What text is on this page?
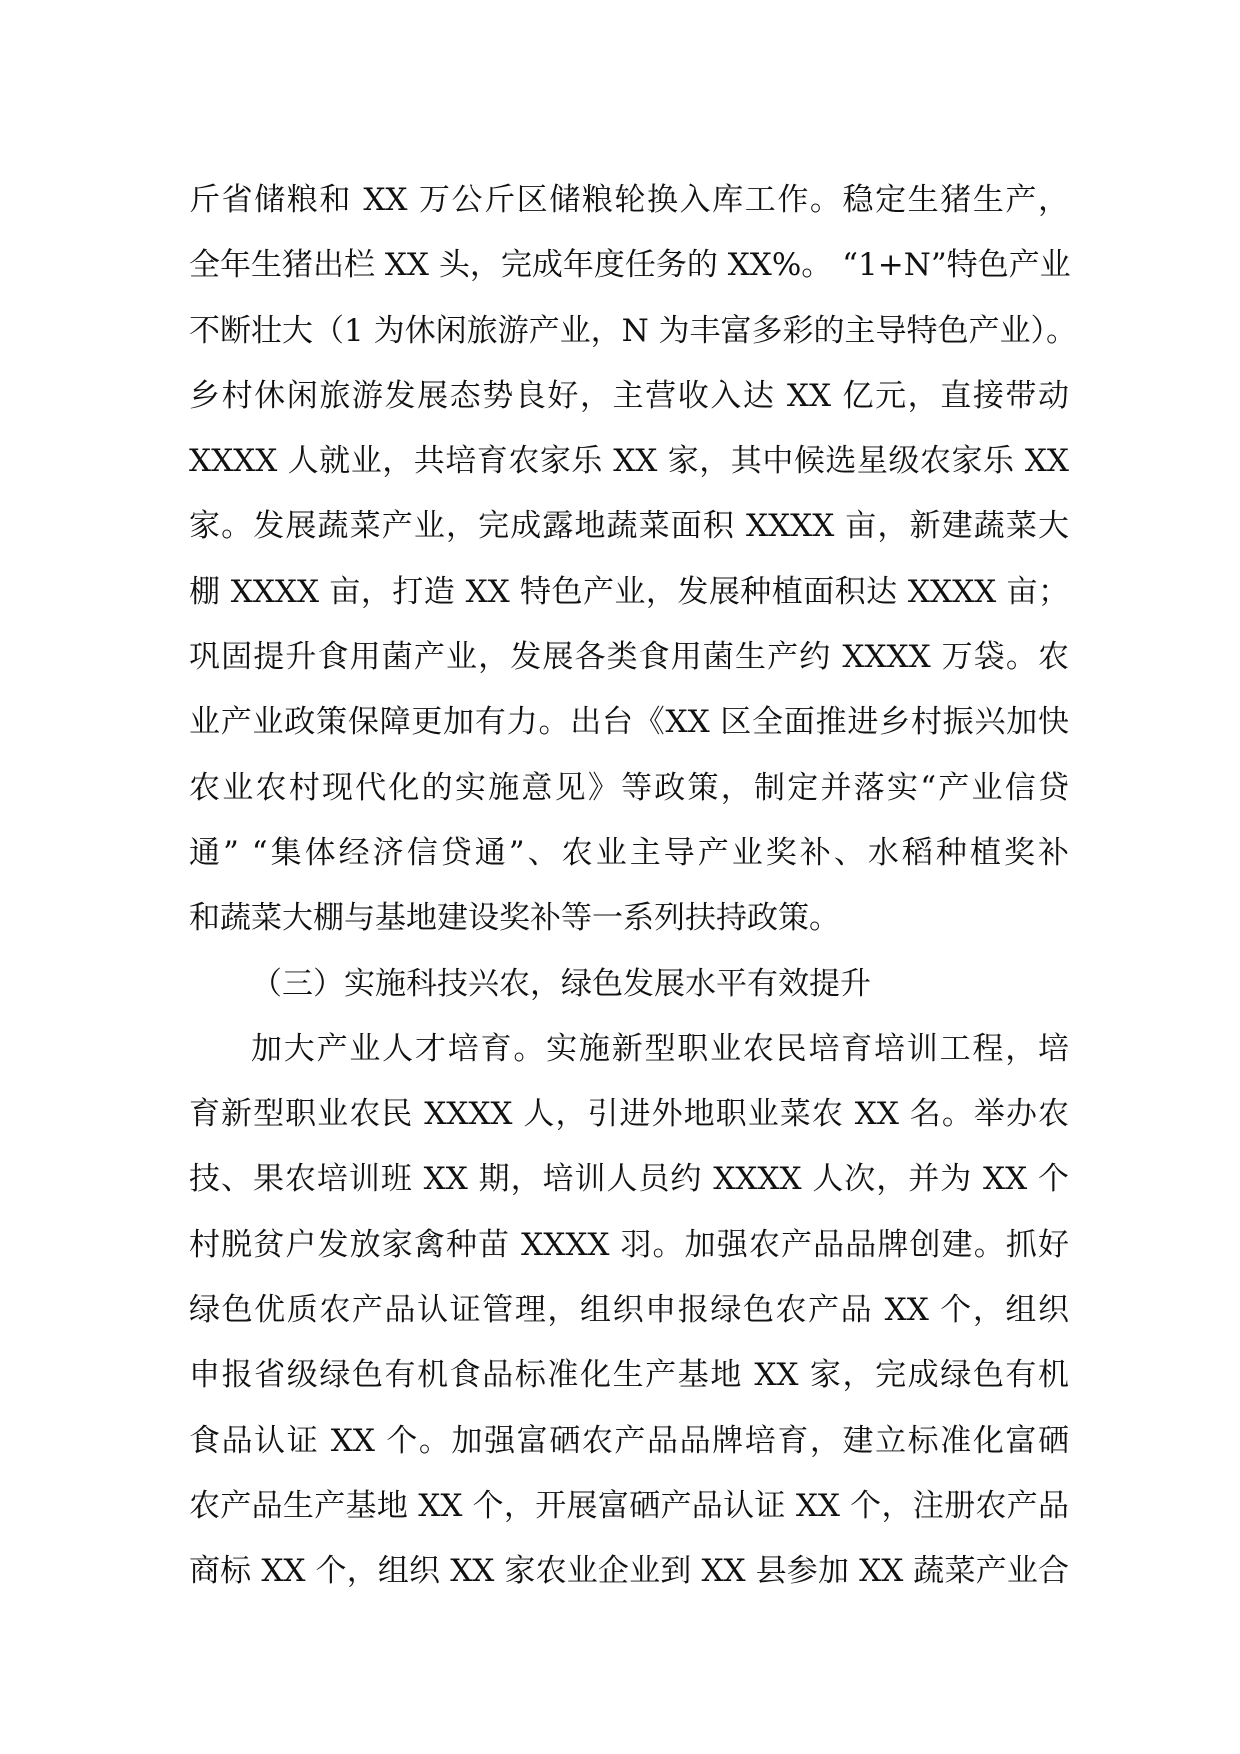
斤省储粮和 XX 万公斤区储粮轮换入库工作。稳定生猪生产，
全年生猪出栏 XX 头，完成年度任务的 XX%。 “1+N”特色产业
不断壮大（1 为休闲旅游产业，N 为丰富多彩的主导特色产业）。
乡村休闲旅游发展态势良好，主营收入达 XX 亿元，直接带动
XXXX 人就业，共培育农家乐 XX 家，其中候选星级农家乐 XX
家。发展蔬菜产业，完成露地蔬菜面积 XXXX 亩，新建蔬菜大
棚 XXXX 亩，打造 XX 特色产业，发展种植面积达 XXXX 亩；
巩固提升食用菌产业，发展各类食用菌生产约 XXXX 万袋。农
业产业政策保障更加有力。出台《XX 区全面推进乡村振兴加快
农业农村现代化的实施意见》等政策，制定并落实“产业信贷
通” “集体经济信贷通”、农业主导产业奖补、水稻种植奖补
和蔬菜大棚与基地建设奖补等一系列扶持政策。
（三）实施科技兴农，绿色发展水平有效提升
加大产业人才培育。实施新型职业农民培育培训工程，培
育新型职业农民 XXXX 人，引进外地职业菜农 XX 名。举办农
技、果农培训班 XX 期，培训人员约 XXXX 人次，并为 XX 个
村脱贫户发放家禽种苗 XXXX 羽。加强农产品品牌创建。抓好
绿色优质农产品认证管理，组织申报绿色农产品 XX 个，组织
申报省级绿色有机食品标准化生产基地 XX 家，完成绿色有机
食品认证 XX 个。加强富硒农产品品牌培育，建立标准化富硒
农产品生产基地 XX 个，开展富硒产品认证 XX 个，注册农产品
商标 XX 个，组织 XX 家农业企业到 XX 县参加 XX 蔬菜产业合
